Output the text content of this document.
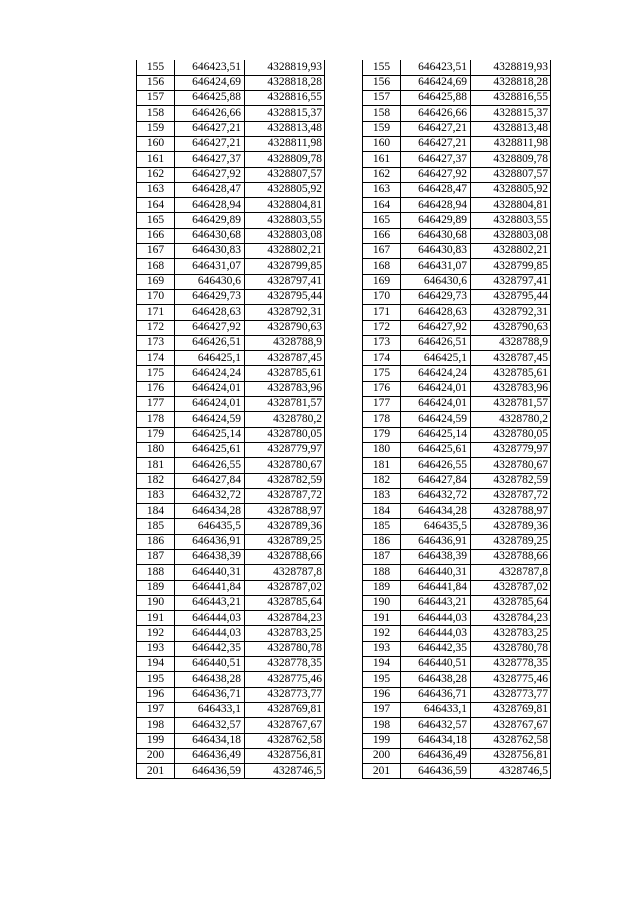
155	646423,51	4328819,93
156	646424,69	4328818,28
157	646425,88	4328816,55
158	646426,66	4328815,37
159	646427,21	4328813,48
160	646427,21	4328811,98
161	646427,37	4328809,78
162	646427,92	4328807,57
163	646428,47	4328805,92
164	646428,94	4328804,81
165	646429,89	4328803,55
166	646430,68	4328803,08
167	646430,83	4328802,21
168	646431,07	4328799,85
169	646430,6	4328797,41
170	646429,73	4328795,44
171	646428,63	4328792,31
172	646427,92	4328790,63
173	646426,51	4328788,9
174	646425,1	4328787,45
175	646424,24	4328785,61
176	646424,01	4328783,96
177	646424,01	4328781,57
178	646424,59	4328780,2
179	646425,14	4328780,05
180	646425,61	4328779,97
181	646426,55	4328780,67
182	646427,84	4328782,59
183	646432,72	4328787,72
184	646434,28	4328788,97
185	646435,5	4328789,36
186	646436,91	4328789,25
187	646438,39	4328788,66
188	646440,31	4328787,8
189	646441,84	4328787,02
190	646443,21	4328785,64
191	646444,03	4328784,23
192	646444,03	4328783,25
193	646442,35	4328780,78
194	646440,51	4328778,35
195	646438,28	4328775,46
196	646436,71	4328773,77
197	646433,1	4328769,81
198	646432,57	4328767,67
199	646434,18	4328762,58
200	646436,49	4328756,81
201	646436,59	4328746,5
155	646423,51	4328819,93
156	646424,69	4328818,28
157	646425,88	4328816,55
158	646426,66	4328815,37
159	646427,21	4328813,48
160	646427,21	4328811,98
161	646427,37	4328809,78
162	646427,92	4328807,57
163	646428,47	4328805,92
164	646428,94	4328804,81
165	646429,89	4328803,55
166	646430,68	4328803,08
167	646430,83	4328802,21
168	646431,07	4328799,85
169	646430,6	4328797,41
170	646429,73	4328795,44
171	646428,63	4328792,31
172	646427,92	4328790,63
173	646426,51	4328788,9
174	646425,1	4328787,45
175	646424,24	4328785,61
176	646424,01	4328783,96
177	646424,01	4328781,57
178	646424,59	4328780,2
179	646425,14	4328780,05
180	646425,61	4328779,97
181	646426,55	4328780,67
182	646427,84	4328782,59
183	646432,72	4328787,72
184	646434,28	4328788,97
185	646435,5	4328789,36
186	646436,91	4328789,25
187	646438,39	4328788,66
188	646440,31	4328787,8
189	646441,84	4328787,02
190	646443,21	4328785,64
191	646444,03	4328784,23
192	646444,03	4328783,25
193	646442,35	4328780,78
194	646440,51	4328778,35
195	646438,28	4328775,46
196	646436,71	4328773,77
197	646433,1	4328769,81
198	646432,57	4328767,67
199	646434,18	4328762,58
200	646436,49	4328756,81
201	646436,59	4328746,5
